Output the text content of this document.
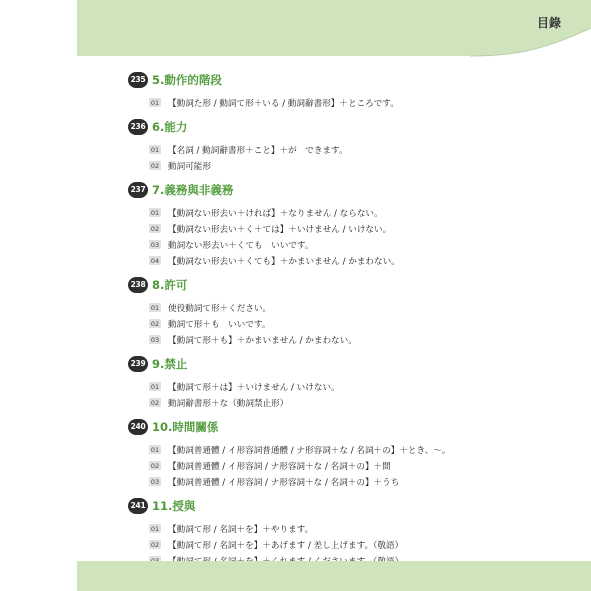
目錄
235 5.動作的階段
01 【動詞た形 / 動詞て形＋いる / 動詞辭書形】＋ところです。
236 6.能力
01 【名詞 / 動詞辭書形＋こと】＋が　できます。
02 動詞可能形
237 7.義務與非義務
01 【動詞ない形去い＋ければ】＋なりません / ならない。
02 【動詞ない形去い＋く＋ては】＋いけません / いけない。
03 動詞ない形去い＋くても　いいです。
04 【動詞ない形去い＋くても】＋かまいません / かまわない。
238 8.許可
01 使役動詞て形＋ください。
02 動詞て形＋も　いいです。
03 【動詞て形＋も】＋かまいません / かまわない。
239 9.禁止
01 【動詞て形＋は】＋いけません / いけない。
02 動詞辭書形＋な（動詞禁止形）
240 10.時間關係
01 【動詞普通體 / イ形容詞普通體 / ナ形容詞＋な / 名詞＋の】＋とき、～。
02 【動詞普通體 / イ形容詞 / ナ形容詞＋な / 名詞＋の】＋間
03 【動詞普通體 / イ形容詞 / ナ形容詞＋な / 名詞＋の】＋うち
241 11.授與
01 【動詞て形 / 名詞＋を】＋やります。
02 【動詞て形 / 名詞＋を】＋あげます / 差し上げます。（敬語）
